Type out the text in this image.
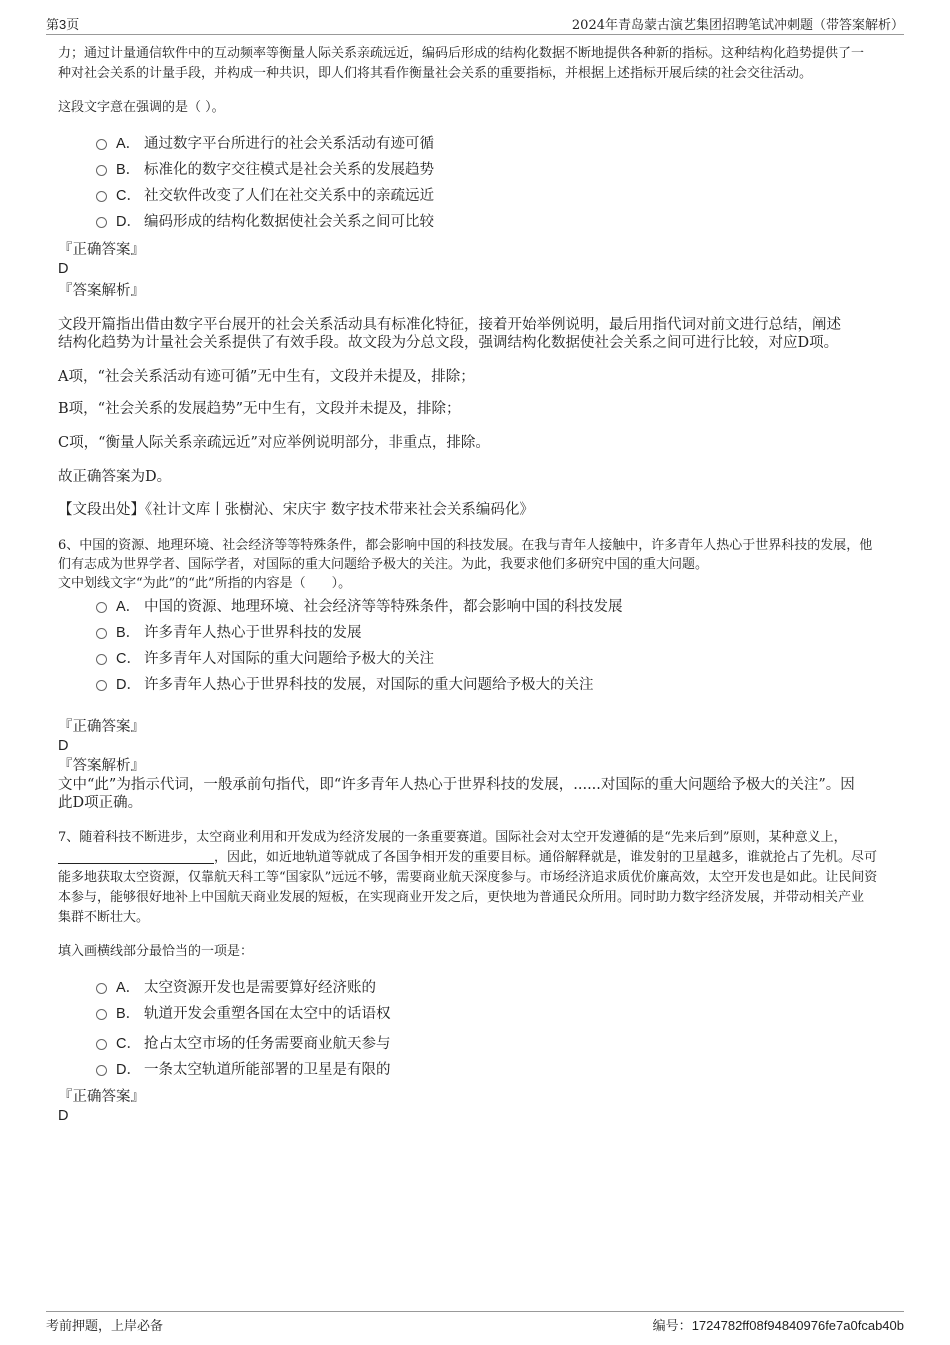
第3页	2024年青岛蒙古演艺集团招聘笔试冲刺题（带答案解析）
力；通过计量通信软件中的互动频率等衡量人际关系亲疏远近，编码后形成的结构化数据不断地提供各种新的指标。这种结构化趋势提供了一
种对社会关系的计量手段，并构成一种共识，即人们将其看作衡量社会关系的重要指标，并根据上述指标开展后续的社会交往活动。
这段文字意在强调的是（ ）。
A． 通过数字平台所进行的社会关系活动有迹可循
B． 标准化的数字交往模式是社会关系的发展趋势
C． 社交软件改变了人们在社交关系中的亲疏远近
D． 编码形成的结构化数据使社会关系之间可比较
『正确答案』
D
『答案解析』
文段开篇指出借由数字平台展开的社会关系活动具有标准化特征，接着开始举例说明，最后用指代词对前文进行总结，阐述
结构化趋势为计量社会关系提供了有效手段。故文段为分总文段，强调结构化数据使社会关系之间可进行比较，对应D项。
A项，“社会关系活动有迹可循”无中生有，文段并未提及，排除；
B项，“社会关系的发展趋势”无中生有，文段并未提及，排除；
C项，“衡量人际关系亲疏远近”对应举例说明部分，非重点，排除。
故正确答案为D。
【文段出处】《社计文库丨张樹沁、宋庆宇 数字技术带来社会关系编码化》
6、中国的资源、地理环境、社会经济等等特殊条件，都会影响中国的科技发展。在我与青年人接触中，许多青年人热心于世界科技的发展，他
们有志成为世界学者、国际学者，对国际的重大问题给予极大的关注。为此，我要求他们多研究中国的重大问题。
文中划线文字“为此”的“此”所指的内容是（　　）。
A． 中国的资源、地理环境、社会经济等等特殊条件，都会影响中国的科技发展
B． 许多青年人热心于世界科技的发展
C． 许多青年人对国际的重大问题给予极大的关注
D． 许多青年人热心于世界科技的发展，对国际的重大问题给予极大的关注
『正确答案』
D
『答案解析』
文中“此”为指示代词，一般承前句指代，即“许多青年人热心于世界科技的发展，......对国际的重大问题给予极大的关注”。因
此D项正确。
7、随着科技不断进步，太空商业利用和开发成为经济发展的一条重要赛道。国际社会对太空开发遵循的是“先来后到”原则，某种意义上，
，因此，如近地轨道等就成了各国争相开发的重要目标。通俗解释就是，谁发射的卫星越多，谁就抢占了先机。尽可
能多地获取太空资源，仅靠航天科工等“国家队”远远不够，需要商业航天深度参与。市场经济追求质优价廉高效，太空开发也是如此。让民间资
本参与，能够很好地补上中国航天商业发展的短板，在实现商业开发之后，更快地为普通民众所用。同时助力数字经济发展，并带动相关产业
集群不断壮大。
填入画横线部分最恰当的一项是：
A． 太空资源开发也是需要算好经济账的
B． 轨道开发会重塑各国在太空中的话语权
C． 抢占太空市场的任务需要商业航天参与
D． 一条太空轨道所能部署的卫星是有限的
『正确答案』
D
考前押题，上岸必备	编号：1724782ff08f94840976fe7a0fcab40b
